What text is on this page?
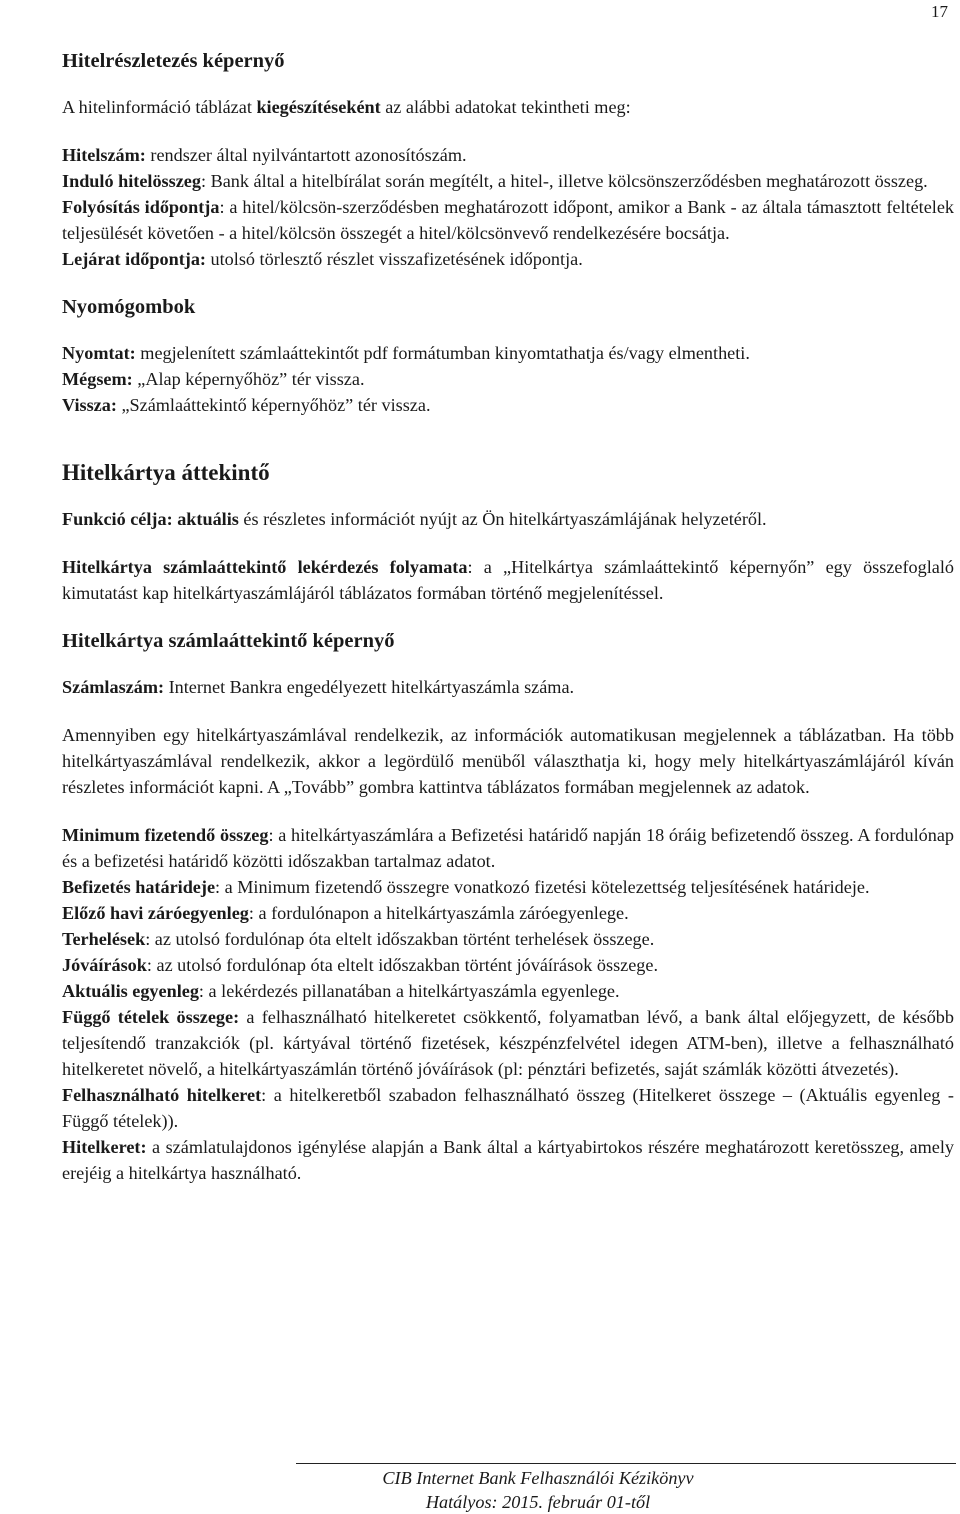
17
Hitelrészletezés képernyő
A hitelinformáció táblázat kiegészítéseként az alábbi adatokat tekintheti meg:
Hitelszám: rendszer által nyilvántartott azonosítószám.
Induló hitelösszeg: Bank által a hitelbírálat során megítélt, a hitel-, illetve kölcsönszerződésben meghatározott összeg.
Folyósítás időpontja: a hitel/kölcsön-szerződésben meghatározott időpont, amikor a Bank - az általa támasztott feltételek teljesülését követően - a hitel/kölcsön összegét a hitel/kölcsönvevő rendelkezésére bocsátja.
Lejárat időpontja: utolsó törlesztő részlet visszafizetésének időpontja.
Nyomógombok
Nyomtat: megjelenített számlaáttekintőt pdf formátumban kinyomtathatja és/vagy elmentheti.
Mégsem: „Alap képernyőhöz” tér vissza.
Vissza: „Számlaáttekintő képernyőhöz” tér vissza.
Hitelkártya áttekintő
Funkció célja: aktuális és részletes információt nyújt az Ön hitelkártyaszámlájának helyzetéről.
Hitelkártya számlaáttekintő lekérdezés folyamata: a „Hitelkártya számlaáttekintő képernyőn” egy összefoglaló kimutatást kap hitelkártyaszámlájáról táblázatos formában történő megjelenítéssel.
Hitelkártya számlaáttekintő képernyő
Számlaszám: Internet Bankra engedélyezett hitelkártyaszámla száma.
Amennyiben egy hitelkártyaszámlával rendelkezik, az információk automatikusan megjelennek a táblázatban. Ha több hitelkártyaszámlával rendelkezik, akkor a legördülő menüből választhatja ki, hogy mely hitelkártyaszámlájáról kíván részletes információt kapni. A „Tovább” gombra kattintva táblázatos formában megjelennek az adatok.
Minimum fizetendő összeg: a hitelkártyaszámlára a Befizetési határidő napján 18 óráig befizetendő összeg. A fordulónap és a befizetési határidő közötti időszakban tartalmaz adatot.
Befizetés határideje: a Minimum fizetendő összegre vonatkozó fizetési kötelezettség teljesítésének határideje.
Előző havi záróegyenleg: a fordulónapon a hitelkártyaszámla záróegyenlege.
Terhelések: az utolsó fordulónap óta eltelt időszakban történt terhelések összege.
Jóváírások: az utolsó fordulónap óta eltelt időszakban történt jóváírások összege.
Aktuális egyenleg: a lekérdezés pillanatában a hitelkártyaszámla egyenlege.
Függő tételek összege: a felhasználható hitelkeretet csökkentő, folyamatban lévő, a bank által előjegyzett, de később teljesítendő tranzakciók (pl. kártyával történő fizetések, készpénzfelvétel idegen ATM-ben), illetve a felhasználható hitelkeretet növelő, a hitelkártyaszámlán történő jóváírások (pl: pénztári befizetés, saját számlák közötti átvezetés).
Felhasználható hitelkeret: a hitelkeretből szabadon felhasználható összeg (Hitelkeret összege – (Aktuális egyenleg - Függő tételek)).
Hitelkeret: a számlatulajdonos igénylése alapján a Bank által a kártyabirtokos részére meghatározott keretösszeg, amely erejéig a hitelkártya használható.
CIB Internet Bank Felhasználói Kézikönyv
Hatályos: 2015. február 01-től
